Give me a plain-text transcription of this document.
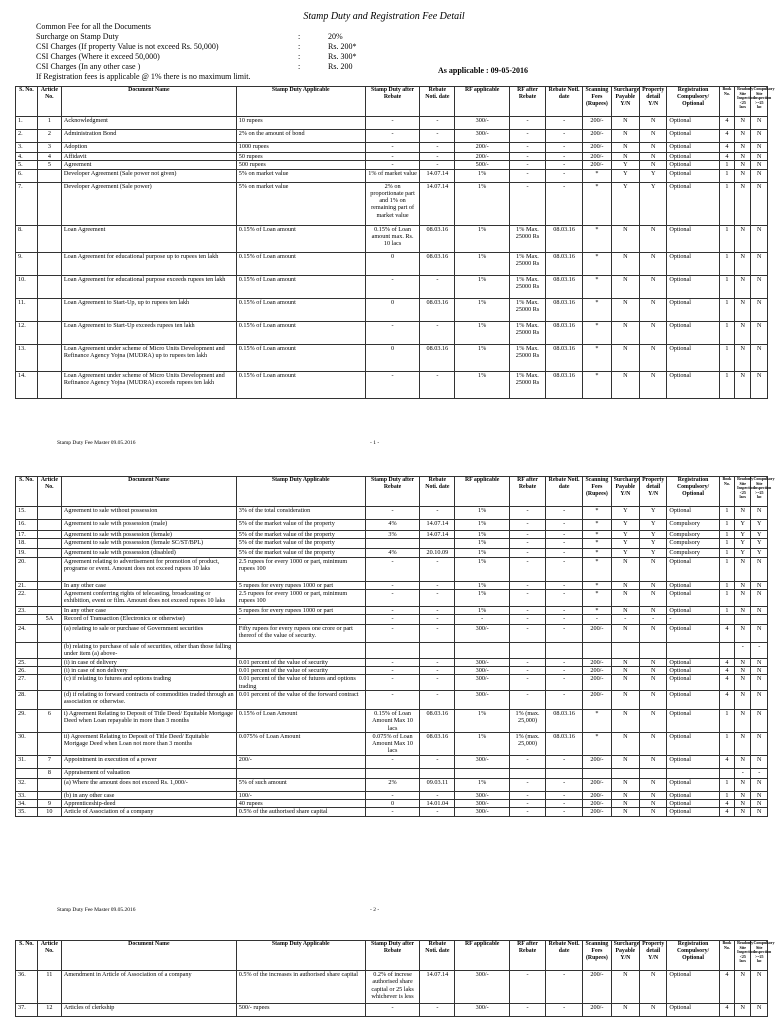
Stamp Duty and Registration Fee Detail
Common Fee for all the Documents
Surcharge on Stamp Duty	:	20%
CSI Charges (If property Value is not exceed Rs. 50,000)	:	Rs. 200*
CSI Charges (Where it exceed 50,000)	:	Rs. 300*
CSI Charges (In any other case )	:	Rs. 200
If Registration fees is applicable @ 1% there is no maximum limit.
As applicable : 09-05-2016
S. No.	Article No.	Document Name	Stamp Duty Applicable	Stamp Duty after Rebate	Rebate Noti. date	RF applicable	RF after Rebate	Rebate Notl. date	Scanning Fees (Rupees)	Surcharge Payable Y/N	Property detail Y/N	Registration Compulsory/ Optional	Book No.	Readonly Site Inspection <25 lacs	Compulsory Site Inspection >=25 lac
1.	1	Acknowledgment	10 rupees	-	-	300/-	-	-	200/-	N	N	Optional	4	N	N
2.	2	Administration Bond	2% on the amount of bond	-	-	300/-	-	-	200/-	N	N	Optional	4	N	N
3.	3	Adoption	1000 rupees	-	-	200/-	-	-	200/-	N	N	Optional	4	N	N
4.	4	Affidavit	50 rupees	-	-	200/-	-	-	200/-	N	N	Optional	4	N	N
5.	5	Agreement	500 rupees	-	-	500/-	-	-	200/-	Y	N	Optional	1	N	N
6.		Developer Agreement (Sale power not given)	5% on market value	1% of market value	14.07.14	1%	-	-	*	Y	Y	Optional	1	N	N
7.		Developer Agreement (Sale power)	5% on market value	2% on proportionate part and 1% on remaining part of market value	14.07.14	1%	-	-	*	Y	Y	Optional	1	N	N
8.		Loan Agreement	0.15% of Loan amount	0.15% of Loan amount max. Rs. 10 lacs	08.03.16	1%	1% Max. 25000 Rs	08.03.16	*	N	N	Optional	1	N	N
9.		Loan Agreement for educational purpose up to rupees ten lakh	0.15% of Loan amount	0	08.03.16	1%	1% Max. 25000 Rs	08.03.16	*	N	N	Optional	1	N	N
10.		Loan Agreement for educational purpose exceeds rupees ten lakh	0.15% of Loan amount	-	-	1%	1% Max. 25000 Rs	08.03.16	*	N	N	Optional	1	N	N
11.		Loan Agreement to Start-Up, up to rupees ten lakh	0.15% of Loan amount	0	08.03.16	1%	1% Max. 25000 Rs	08.03.16	*	N	N	Optional	1	N	N
12.		Loan Agreement to Start-Up exceeds rupees ten lakh	0.15% of Loan amount	-	-	1%	1% Max. 25000 Rs	08.03.16	*	N	N	Optional	1	N	N
13.		Loan Agreement under scheme of Micro Units Development and Refinance Agency Yojna (MUDRA) up to rupees ten lakh	0.15% of Loan amount	0	08.03.16	1%	1% Max. 25000 Rs	08.03.16	*	N	N	Optional	1	N	N
14.		Loan Agreement under scheme of Micro Units Development and Refinance Agency Yojna (MUDRA) exceeds rupees ten lakh	0.15% of Loan amount	-	-	1%	1% Max. 25000 Rs	08.03.16	*	N	N	Optional	1	N	N
Stamp Duty Fee Master 09.05.2016	- 1 -
S. No.	Article No.	Document Name	Stamp Duty Applicable	Stamp Duty after Rebate	Rebate Noti. date	RF applicable	RF after Rebate	Rebate Notl. date	Scanning Fees (Rupees)	Surcharge Payable Y/N	Property detail Y/N	Registration Compulsory/ Optional	Book No.	Readonly Site Inspection <25 lacs	Compulsory Site Inspection >=25 lac
15.		Agreement to sale without possession	3% of the total consideration	-	-	1%	-	-	*	Y	Y	Optional	1	N	N
16.		Agreement to sale with possession (male)	5% of the market value of the property	4%	14.07.14	1%	-	-	*	Y	Y	Compulsory	1	Y	Y
17.		Agreement to sale with possession (female)	5% of the market value of the property	3%	14.07.14	1%	-	-	*	Y	Y	Compulsory	1	Y	Y
18.		Agreement to sale with possession (female SC/ST/BPL)	5% of the market value of the property			1%	-	-	*	Y	Y	Compulsory	1	Y	Y
19.		Agreement to sale with possession (disabled)	5% of the market value of the property	4%	20.10.09	1%	-	-	*	Y	Y	Compulsory	1	Y	Y
20.		Agreement relating to advertisement for promotion of product, programe or event. Amount does not exceed rupees 10 laks	2.5 rupees for every 1000 or part, minimum rupees 100	-	-	1%	-	-	*	N	N	Optional	1	N	N
21.		In any other case	5 rupees for every rupees 1000 or part	-	-	1%	-	-	*	N	N	Optional	1	N	N
22.		Agreement conferring rights of telecasting, broadcasting or exhibition, event or film. Amount does not exceed rupees 10 laks	2.5 rupees for every 1000 or part, minimum rupees 100	-	-	1%	-	-	*	N	N	Optional	1	N	N
23.		In any other case	5 rupees for every rupees 1000 or part	-	-	1%	-	-	*	N	N	Optional	1	N	N
	5A	Record of Transaction (Electronics or otherwise)	-	-	-	-	-	-	-	-	-	-			
24.		(a) relating to sale or purchase of Government securities	Fifty rupees for every rupees one crore or part thereof of the value of security.	-	-	300/-	-	-	200/-	N	N	Optional	4	N	N
		(b) relating to purchase of sale of securities, other than those falling under item (a) above-												-	-
25.		(i) in case of delivery	0.01 percent of the value of security	-	-	300/-	-	-	200/-	N	N	Optional	4	N	N
26.		(i) in case of non delivery	0.01 percent of the value of security	-	-	300/-	-	-	200/-	N	N	Optional	4	N	N
27.		(c) if relating to futures and options trading	0.01 percent of the value of futures and options trading	-	-	300/-	-	-	200/-	N	N	Optional	4	N	N
28.		(d) if relating to forward contracts of commodities traded through an association or otherwise.	0.01 percent of the value of the forward contract	-	-	300/-	-	-	200/-	N	N	Optional	4	N	N
29.	6	i) Agreement Relating to Deposit of Title Deed/ Equitable Mortgage Deed when Loan repayable in more than 3 months	0.15% of Loan Amount	0.15% of Loan Amount Max 10 lacs	08.03.16	1%	1% (max. 25,000)	08.03.16	*	N	N	Optional	1	N	N
30.		ii) Agreement Relating to Deposit of Title Deed/ Equitable Mortgage Deed when Loan not more than 3 months	0.075% of Loan Amount	0.075% of Loan Amount Max 10 lacs	08.03.16	1%	1% (max. 25,000)	08.03.16	*	N	N	Optional	1	N	N
31.	7	Appointment in execution of a power	200/-	-	-	300/-	-	-	200/-	N	N	Optional	4	N	N
	8	Appraisement of valuation												-	-
32.		(a) Where the amount does not exceed Rs. 1,000/-	5% of such amount	2%	09.03.11	1%	-	-	200/-	N	N	Optional	1	N	N
33.		(b) in any other case	100/-	-	-	300/-	-	-	200/-	N	N	Optional	1	N	N
34.	9	Apprenticeship-deed	40 rupees	0	14.01.04	300/-	-	-	200/-	N	N	Optional	4	N	N
35.	10	Article of Association of a company	0.5% of the authorised share capital	-	-	300/-	-	-	200/-	N	N	Optional	4	N	N
Stamp Duty Fee Master 09.05.2016	- 2 -
S. No.	Article No.	Document Name	Stamp Duty Applicable	Stamp Duty after Rebate	Rebate Noti. date	RF applicable	RF after Rebate	Rebate Notl. date	Scanning Fees (Rupees)	Surcharge Payable Y/N	Property detail Y/N	Registration Compulsory/ Optional	Book No.	Readonly Site Inspection <25 lacs	Compulsory Site Inspection >=25 lac
36.	11	Amendment in Article of Association of a company	0.5% of the increases in authorised share capital	0.2% of increse authorised share capital or 25 laks whichever is less	14.07.14	300/-	-	-	200/-	N	N	Optional	4	N	N
37.	12	Articles of clerkship	500/- rupees	-	-	300/-	-	-	200/-	N	N	Optional	4	N	N
